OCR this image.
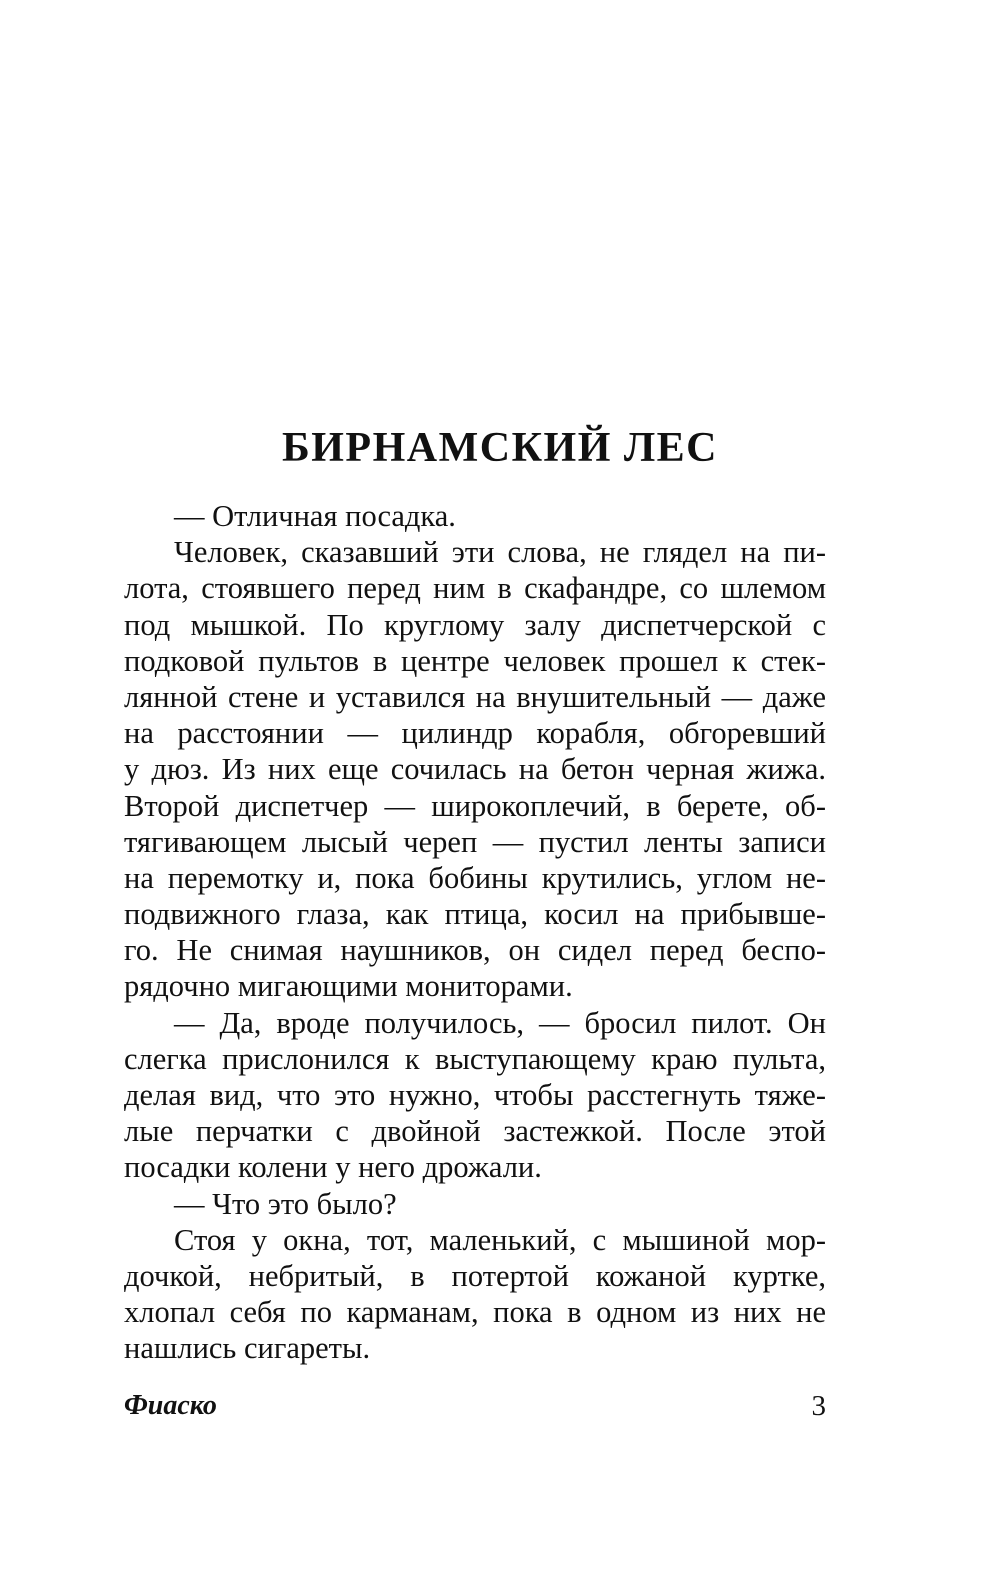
БИРНАМСКИЙ ЛЕС
— Отличная посадка.
Человек, сказавший эти слова, не глядел на пи-
лота, стоявшего перед ним в скафандре, со шлемом
под мышкой. По круглому залу диспетчерской с
подковой пультов в центре человек прошел к стек-
лянной стене и уставился на внушительный — даже
на расстоянии — цилиндр корабля, обгоревший
у дюз. Из них еще сочилась на бетон черная жижа.
Второй диспетчер — широкоплечий, в берете, об-
тягивающем лысый череп — пустил ленты записи
на перемотку и, пока бобины крутились, углом не-
подвижного глаза, как птица, косил на прибывше-
го. Не снимая наушников, он сидел перед беспо-
рядочно мигающими мониторами.
— Да, вроде получилось, — бросил пилот. Он
слегка прислонился к выступающему краю пульта,
делая вид, что это нужно, чтобы расстегнуть тяже-
лые перчатки с двойной застежкой. После этой
посадки колени у него дрожали.
— Что это было?
Стоя у окна, тот, маленький, с мышиной мор-
дочкой, небритый, в потертой кожаной куртке,
хлопал себя по карманам, пока в одном из них не
нашлись сигареты.
Фиаско	3
